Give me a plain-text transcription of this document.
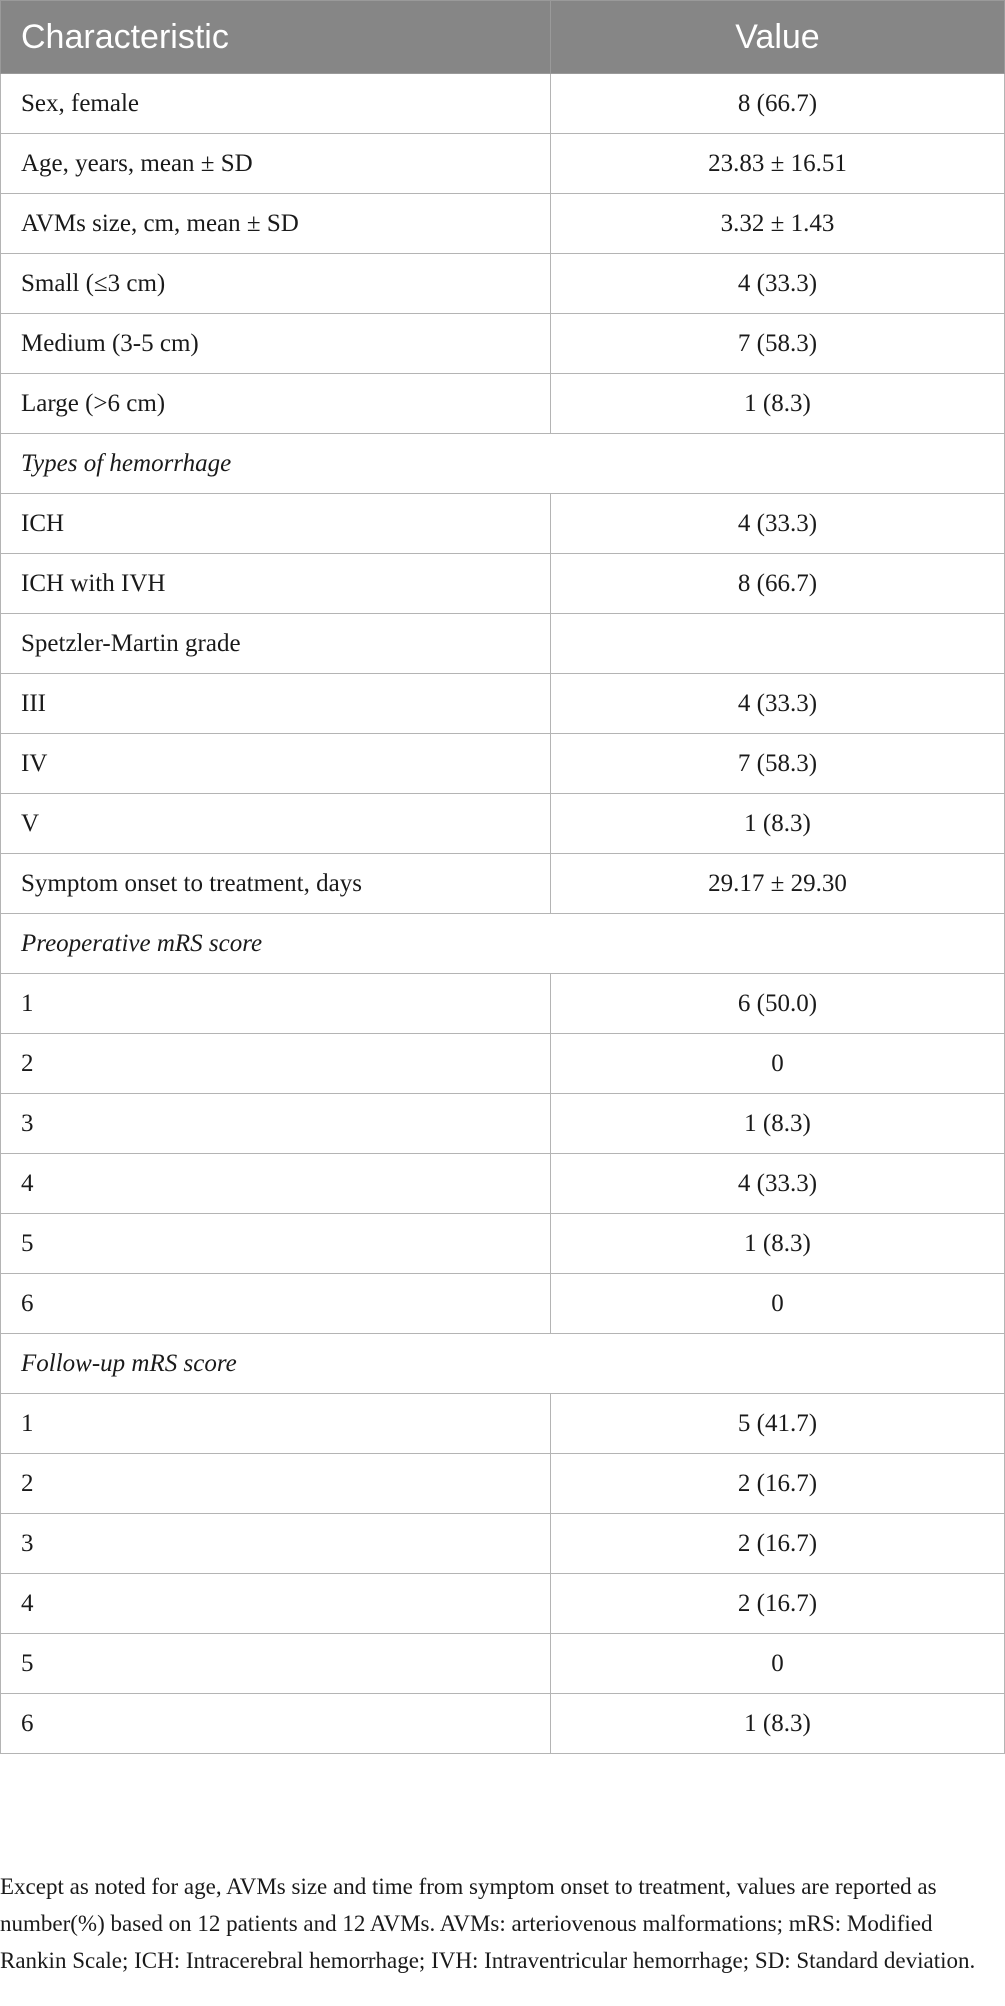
Characteristic	Value
Sex, female	8 (66.7)
Age, years, mean ± SD	23.83 ± 16.51
AVMs size, cm, mean ± SD	3.32 ± 1.43
Small (≤3 cm)	4 (33.3)
Medium (3-5 cm)	7 (58.3)
Large (>6 cm)	1 (8.3)
Types of hemorrhage	
ICH	4 (33.3)
ICH with IVH	8 (66.7)
Spetzler-Martin grade	
III	4 (33.3)
IV	7 (58.3)
V	1 (8.3)
Symptom onset to treatment, days	29.17 ± 29.30
Preoperative mRS score	
1	6 (50.0)
2	0
3	1 (8.3)
4	4 (33.3)
5	1 (8.3)
6	0
Follow-up mRS score	
1	5 (41.7)
2	2 (16.7)
3	2 (16.7)
4	2 (16.7)
5	0
6	1 (8.3)

Except as noted for age, AVMs size and time from symptom onset to treatment, values are reported as number(%) based on 12 patients and 12 AVMs. AVMs: arteriovenous malformations; mRS: Modified Rankin Scale; ICH: Intracerebral hemorrhage; IVH: Intraventricular hemorrhage; SD: Standard deviation.
